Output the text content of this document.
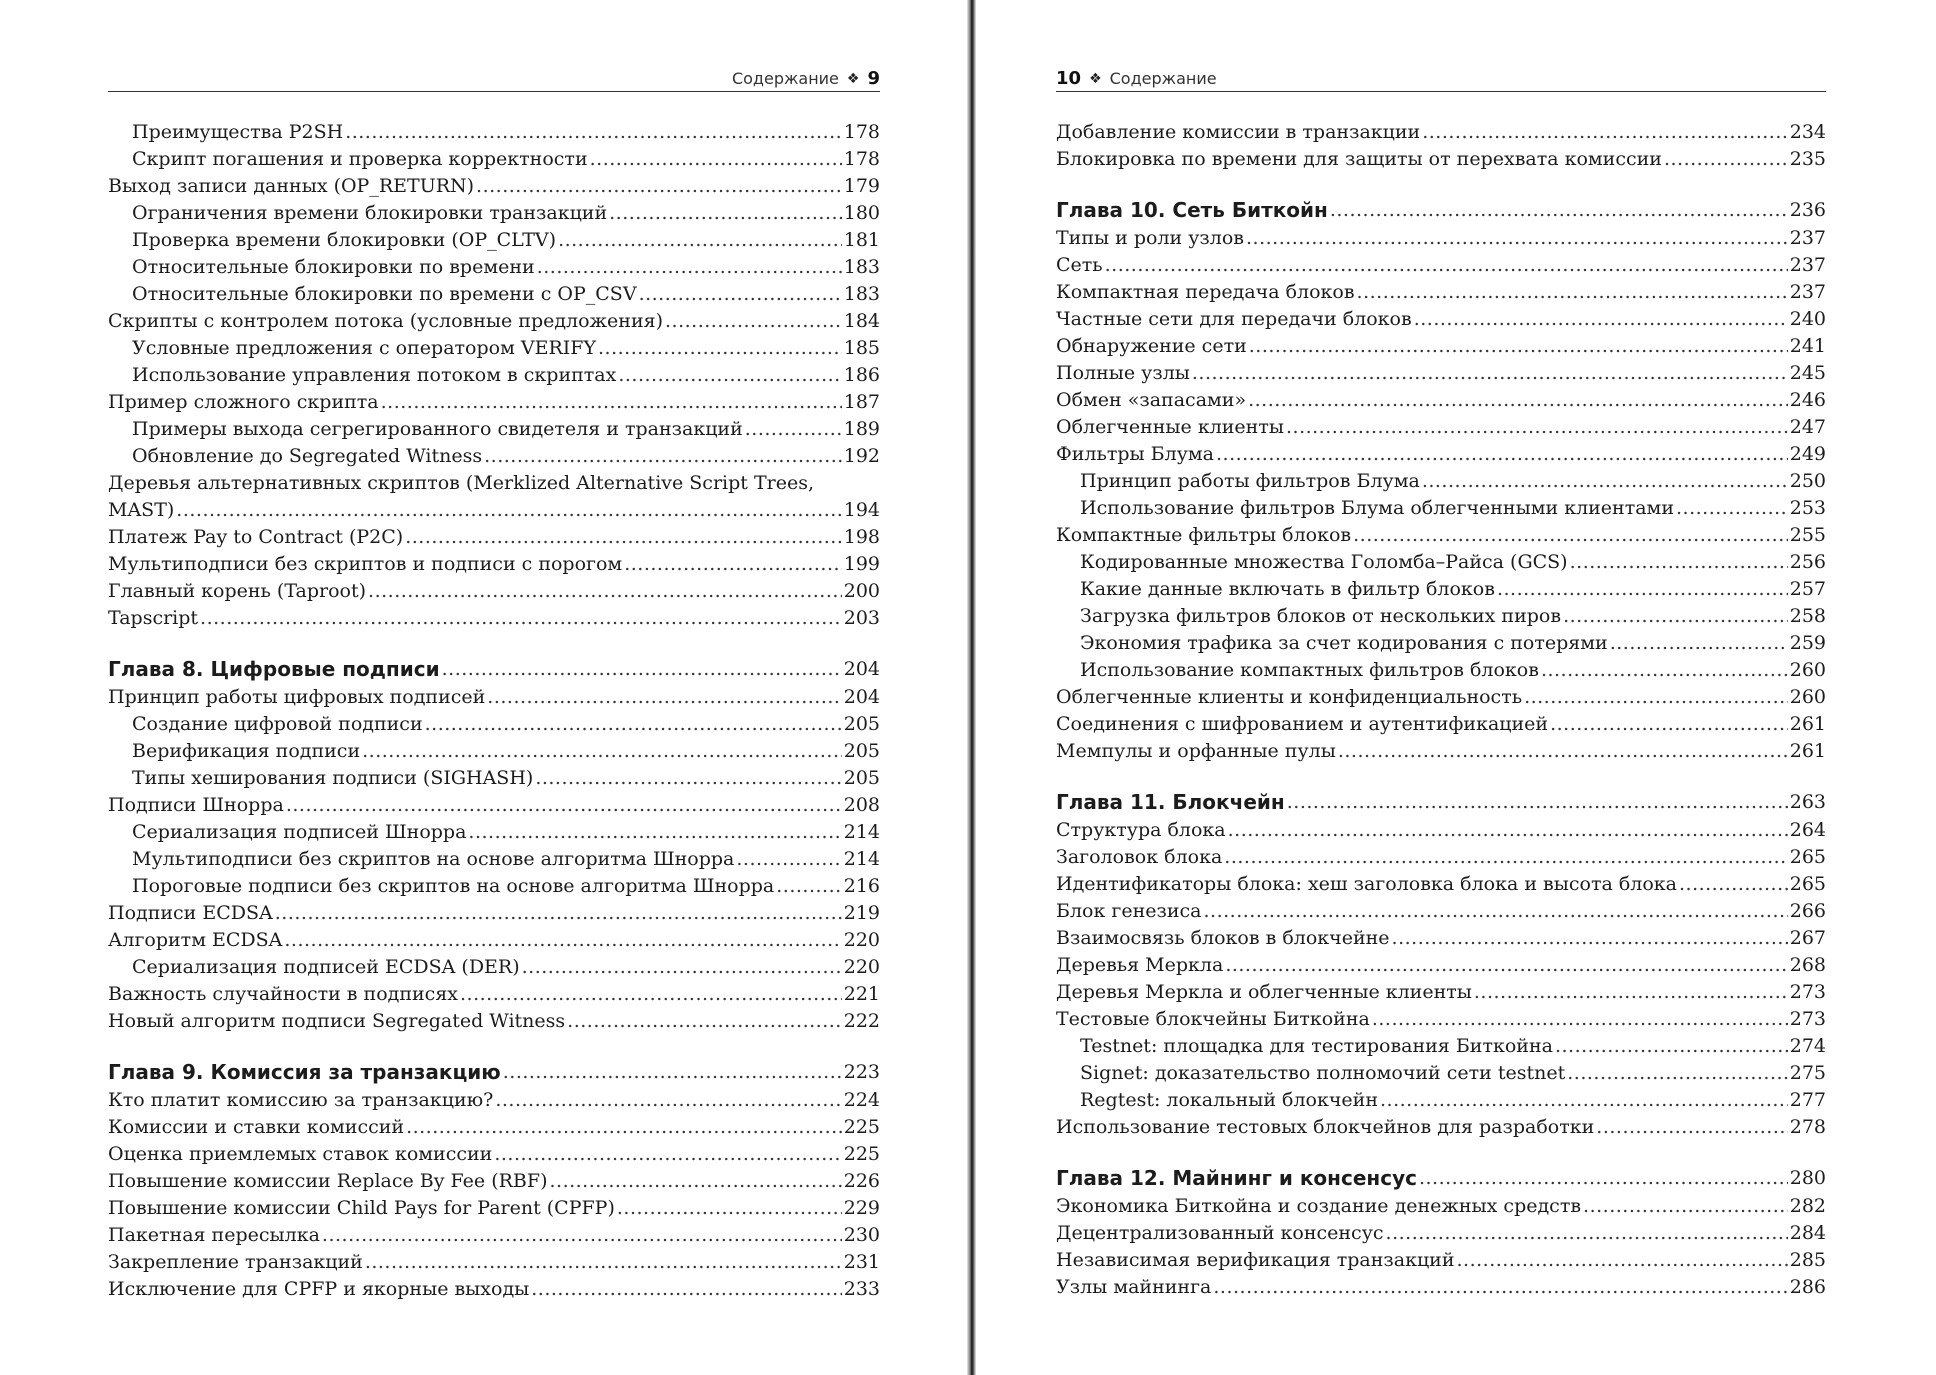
Содержание ❖ 9
Преимущества P2SH .....	178
Скрипт погашения и проверка корректности .....	178
Выход записи данных (OP_RETURN) .....	179
Ограничения времени блокировки транзакций .....	180
Проверка времени блокировки (OP_CLTV) .....	181
Относительные блокировки по времени .....	183
Относительные блокировки по времени с OP_CSV .....	183
Скрипты с контролем потока (условные предложения) .....	184
Условные предложения с оператором VERIFY .....	185
Использование управления потоком в скриптах .....	186
Пример сложного скрипта .....	187
Примеры выхода сегрегированного свидетеля и транзакций .....	189
Обновление до Segregated Witness .....	192
Деревья альтернативных скриптов (Merklized Alternative Script Trees,
MAST) .....	194
Платеж Pay to Contract (P2C) .....	198
Мультиподписи без скриптов и подписи с порогом .....	199
Главный корень (Taproot) .....	200
Tapscript .....	203
Глава 8. Цифровые подписи .....	204
Принцип работы цифровых подписей .....	204
Создание цифровой подписи .....	205
Верификация подписи .....	205
Типы хеширования подписи (SIGHASH) .....	205
Подписи Шнорра .....	208
Сериализация подписей Шнорра .....	214
Мультиподписи без скриптов на основе алгоритма Шнорра .....	214
Пороговые подписи без скриптов на основе алгоритма Шнорра .....	216
Подписи ECDSA .....	219
Алгоритм ECDSA .....	220
Сериализация подписей ECDSA (DER) .....	220
Важность случайности в подписях .....	221
Новый алгоритм подписи Segregated Witness .....	222
Глава 9. Комиссия за транзакцию .....	223
Кто платит комиссию за транзакцию? .....	224
Комиссии и ставки комиссий .....	225
Оценка приемлемых ставок комиссии .....	225
Повышение комиссии Replace By Fee (RBF) .....	226
Повышение комиссии Child Pays for Parent (CPFP) .....	229
Пакетная пересылка .....	230
Закрепление транзакций .....	231
Исключение для CPFP и якорные выходы .....	233
10 ❖ Содержание
Добавление комиссии в транзакции .....	234
Блокировка по времени для защиты от перехвата комиссии .....	235
Глава 10. Сеть Биткойн .....	236
Типы и роли узлов .....	237
Сеть .....	237
Компактная передача блоков .....	237
Частные сети для передачи блоков .....	240
Обнаружение сети .....	241
Полные узлы .....	245
Обмен «запасами» .....	246
Облегченные клиенты .....	247
Фильтры Блума .....	249
Принцип работы фильтров Блума .....	250
Использование фильтров Блума облегченными клиентами .....	253
Компактные фильтры блоков .....	255
Кодированные множества Голомба–Райса (GCS) .....	256
Какие данные включать в фильтр блоков .....	257
Загрузка фильтров блоков от нескольких пиров .....	258
Экономия трафика за счет кодирования с потерями .....	259
Использование компактных фильтров блоков .....	260
Облегченные клиенты и конфиденциальность .....	260
Соединения с шифрованием и аутентификацией .....	261
Мемпулы и орфанные пулы .....	261
Глава 11. Блокчейн .....	263
Структура блока .....	264
Заголовок блока .....	265
Идентификаторы блока: хеш заголовка блока и высота блока .....	265
Блок генезиса .....	266
Взаимосвязь блоков в блокчейне .....	267
Деревья Меркла .....	268
Деревья Меркла и облегченные клиенты .....	273
Тестовые блокчейны Биткойна .....	273
Testnet: площадка для тестирования Биткойна .....	274
Signet: доказательство полномочий сети testnet .....	275
Regtest: локальный блокчейн .....	277
Использование тестовых блокчейнов для разработки .....	278
Глава 12. Майнинг и консенсус .....	280
Экономика Биткойна и создание денежных средств .....	282
Децентрализованный консенсус .....	284
Независимая верификация транзакций .....	285
Узлы майнинга .....	286
